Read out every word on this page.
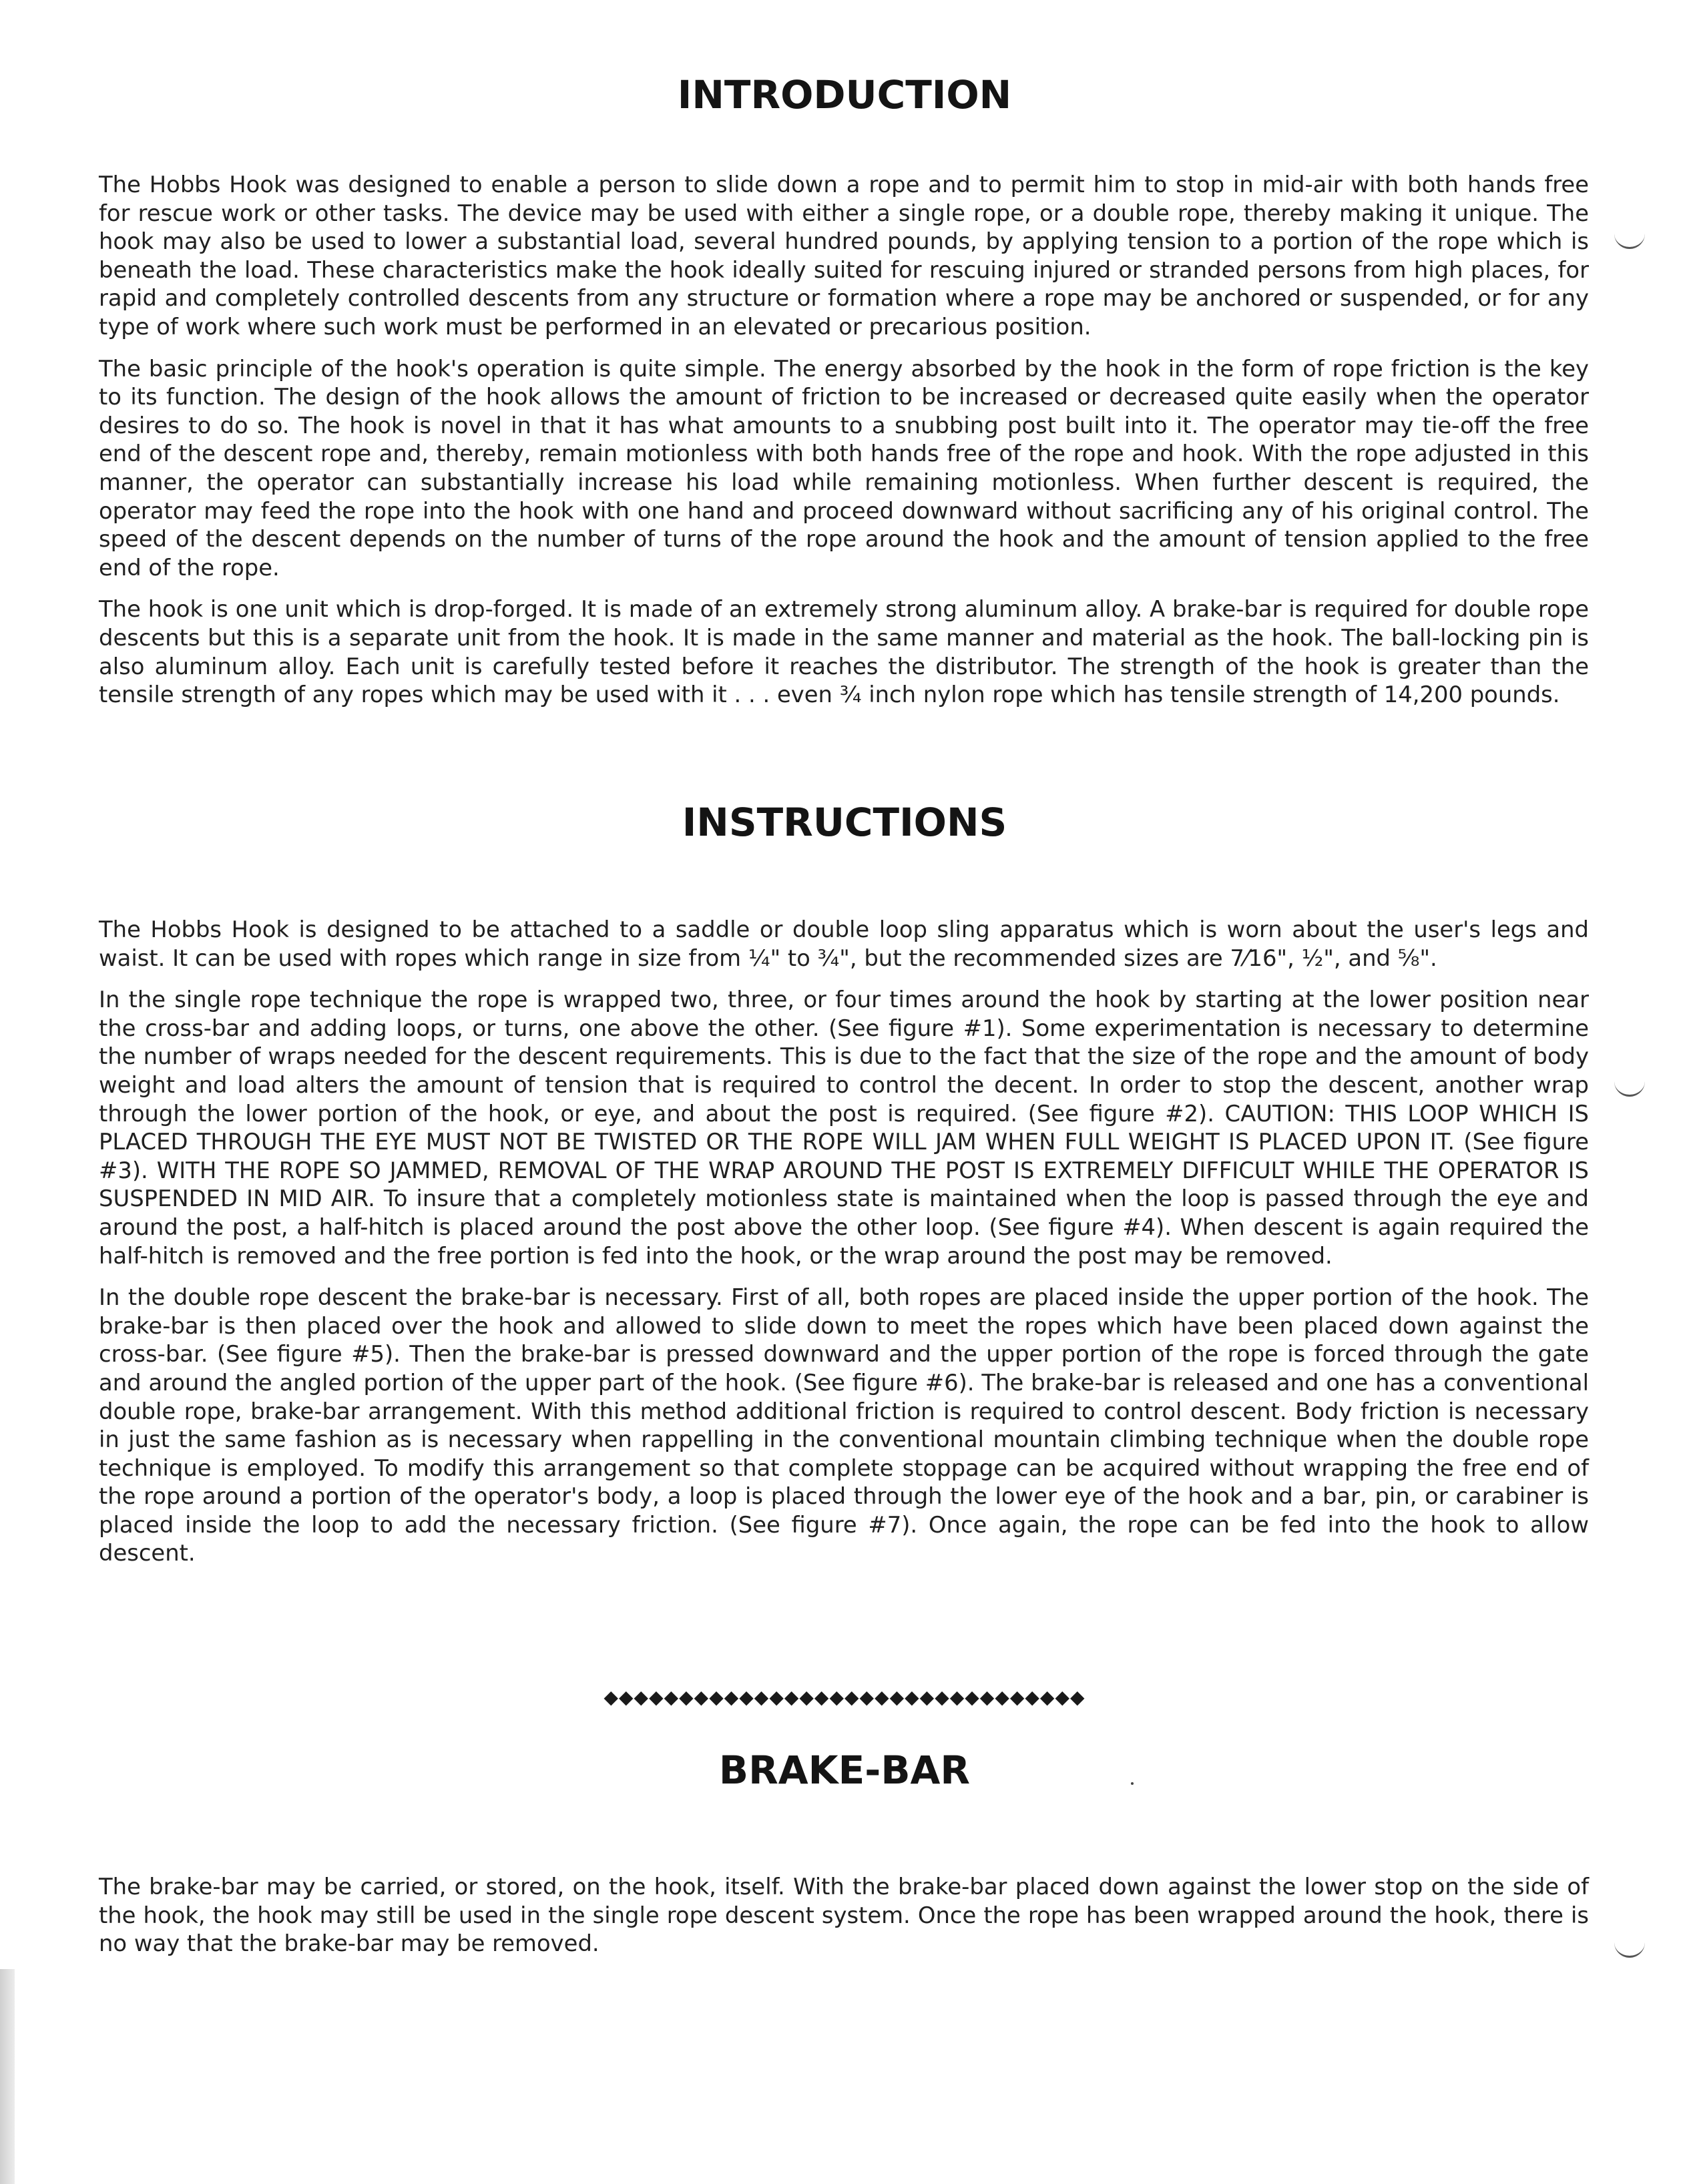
INTRODUCTION

The Hobbs Hook was designed to enable a person to slide down a rope and to permit him to stop in mid-air with both hands free for rescue work or other tasks. The device may be used with either a single rope, or a double rope, thereby making it unique. The hook may also be used to lower a substantial load, several hundred pounds, by applying tension to a portion of the rope which is beneath the load. These characteristics make the hook ideally suited for rescuing injured or stranded persons from high places, for rapid and completely controlled descents from any structure or formation where a rope may be anchored or suspended, or for any type of work where such work must be performed in an elevated or precarious position.

The basic principle of the hook's operation is quite simple. The energy absorbed by the hook in the form of rope friction is the key to its function. The design of the hook allows the amount of friction to be increased or decreased quite easily when the operator desires to do so. The hook is novel in that it has what amounts to a snubbing post built into it. The operator may tie-off the free end of the descent rope and, thereby, remain motionless with both hands free of the rope and hook. With the rope adjusted in this manner, the operator can substantially increase his load while remaining motionless. When further descent is required, the operator may feed the rope into the hook with one hand and proceed downward without sacrificing any of his original control. The speed of the descent depends on the number of turns of the rope around the hook and the amount of tension applied to the free end of the rope.

The hook is one unit which is drop-forged. It is made of an extremely strong aluminum alloy. A brake-bar is required for double rope descents but this is a separate unit from the hook. It is made in the same manner and material as the hook. The ball-locking pin is also aluminum alloy. Each unit is carefully tested before it reaches the distributor. The strength of the hook is greater than the tensile strength of any ropes which may be used with it . . . even ¾ inch nylon rope which has tensile strength of 14,200 pounds.

INSTRUCTIONS

The Hobbs Hook is designed to be attached to a saddle or double loop sling apparatus which is worn about the user's legs and waist. It can be used with ropes which range in size from ¼" to ¾", but the recommended sizes are 7⁄16", ½", and ⅝".

In the single rope technique the rope is wrapped two, three, or four times around the hook by starting at the lower position near the cross-bar and adding loops, or turns, one above the other. (See figure #1). Some experimentation is necessary to determine the number of wraps needed for the descent requirements. This is due to the fact that the size of the rope and the amount of body weight and load alters the amount of tension that is required to control the decent. In order to stop the descent, another wrap through the lower portion of the hook, or eye, and about the post is required. (See figure #2). CAUTION: THIS LOOP WHICH IS PLACED THROUGH THE EYE MUST NOT BE TWISTED OR THE ROPE WILL JAM WHEN FULL WEIGHT IS PLACED UPON IT. (See figure #3). WITH THE ROPE SO JAMMED, REMOVAL OF THE WRAP AROUND THE POST IS EXTREMELY DIFFICULT WHILE THE OPERATOR IS SUSPENDED IN MID AIR. To insure that a completely motionless state is maintained when the loop is passed through the eye and around the post, a half-hitch is placed around the post above the other loop. (See figure #4). When descent is again required the half-hitch is removed and the free portion is fed into the hook, or the wrap around the post may be removed.

In the double rope descent the brake-bar is necessary. First of all, both ropes are placed inside the upper portion of the hook. The brake-bar is then placed over the hook and allowed to slide down to meet the ropes which have been placed down against the cross-bar. (See figure #5). Then the brake-bar is pressed downward and the upper portion of the rope is forced through the gate and around the angled portion of the upper part of the hook. (See figure #6). The brake-bar is released and one has a conventional double rope, brake-bar arrangement. With this method additional friction is required to control descent. Body friction is necessary in just the same fashion as is necessary when rappelling in the conventional mountain climbing technique when the double rope technique is employed. To modify this arrangement so that complete stoppage can be acquired without wrapping the free end of the rope around a portion of the operator's body, a loop is placed through the lower eye of the hook and a bar, pin, or carabiner is placed inside the loop to add the necessary friction. (See figure #7). Once again, the rope can be fed into the hook to allow descent.

◆◆◆◆◆◆◆◆◆◆◆◆◆◆◆◆◆◆◆◆◆◆◆◆◆◆◆◆◆◆◆◆
BRAKE-BAR

The brake-bar may be carried, or stored, on the hook, itself. With the brake-bar placed down against the lower stop on the side of the hook, the hook may still be used in the single rope descent system. Once the rope has been wrapped around the hook, there is no way that the brake-bar may be removed.
